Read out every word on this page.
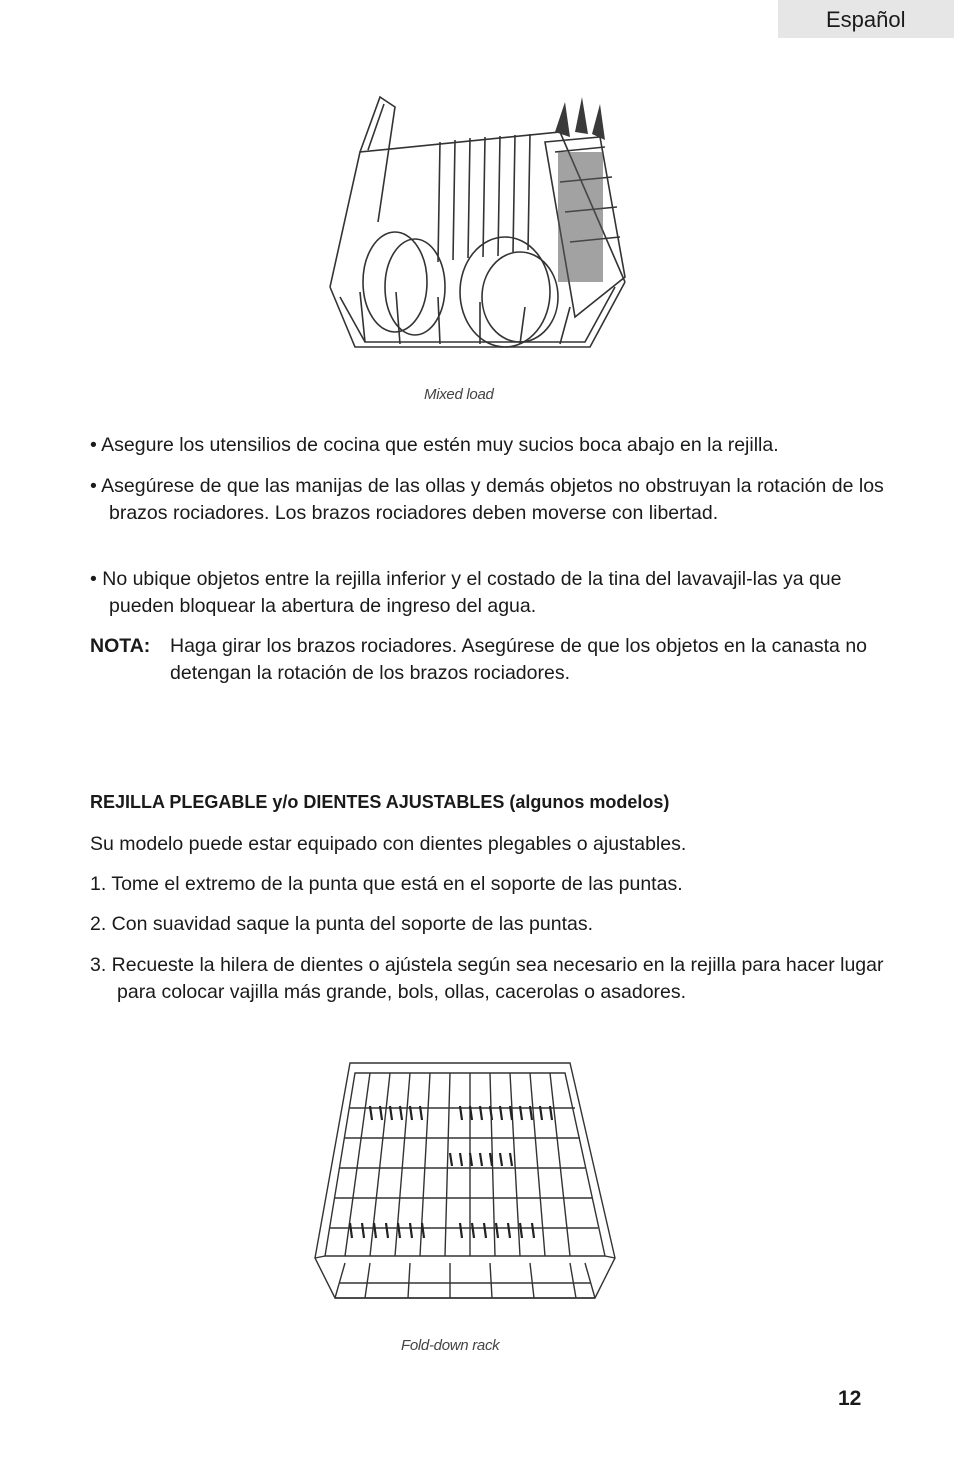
Español
Mixed load
• Asegure los utensilios de cocina que estén muy sucios boca abajo en la rejilla.
• Asegúrese de que las manijas de las ollas y demás objetos no obstruyan la rotación de los brazos rociadores. Los brazos rociadores deben moverse con libertad.
• No ubique objetos entre la rejilla inferior y el costado de la tina del lavavajil-las ya que pueden bloquear la abertura de ingreso del agua.
NOTA: Haga girar los brazos rociadores. Asegúrese de que los objetos en la canasta no detengan la rotación de los brazos rociadores.
REJILLA PLEGABLE y/o DIENTES AJUSTABLES (algunos modelos)
Su modelo puede estar equipado con dientes plegables o ajustables.
1. Tome el extremo de la punta que está en el soporte de las puntas.
2. Con suavidad saque la punta del soporte de las puntas.
3. Recueste la hilera de dientes o ajústela según sea necesario en la rejilla para hacer lugar para colocar vajilla más grande, bols, ollas, cacerolas o asadores.
Fold-down rack
12
